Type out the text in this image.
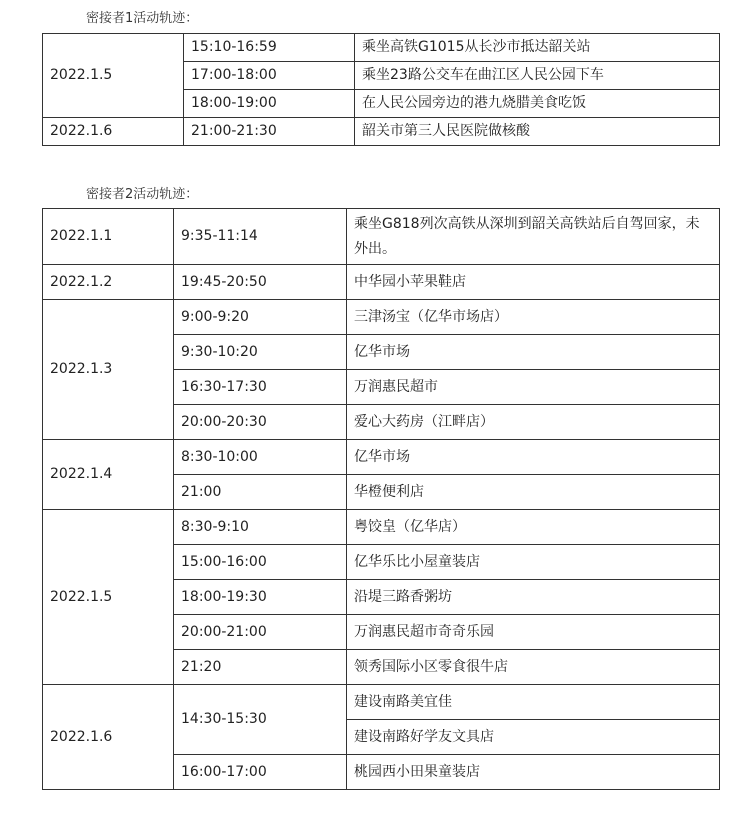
密接者1活动轨迹：
2022.1.5	15:10-16:59	乘坐高铁G1015从长沙市抵达韶关站
	17:00-18:00	乘坐23路公交车在曲江区人民公园下车
	18:00-19:00	在人民公园旁边的港九烧腊美食吃饭
2022.1.6	21:00-21:30	韶关市第三人民医院做核酸
密接者2活动轨迹：
2022.1.1	9:35-11:14	乘坐G818列次高铁从深圳到韶关高铁站后自驾回家，未外出。
2022.1.2	19:45-20:50	中华园小苹果鞋店
2022.1.3	9:00-9:20	三津汤宝（亿华市场店）
	9:30-10:20	亿华市场
	16:30-17:30	万润惠民超市
	20:00-20:30	爱心大药房（江畔店）
2022.1.4	8:30-10:00	亿华市场
	21:00	华橙便利店
2022.1.5	8:30-9:10	粤饺皇（亿华店）
	15:00-16:00	亿华乐比小屋童装店
	18:00-19:30	沿堤三路香粥坊
	20:00-21:00	万润惠民超市奇奇乐园
	21:20	领秀国际小区零食很牛店
2022.1.6	14:30-15:30	建设南路美宜佳
		建设南路好学友文具店
	16:00-17:00	桃园西小田果童装店
